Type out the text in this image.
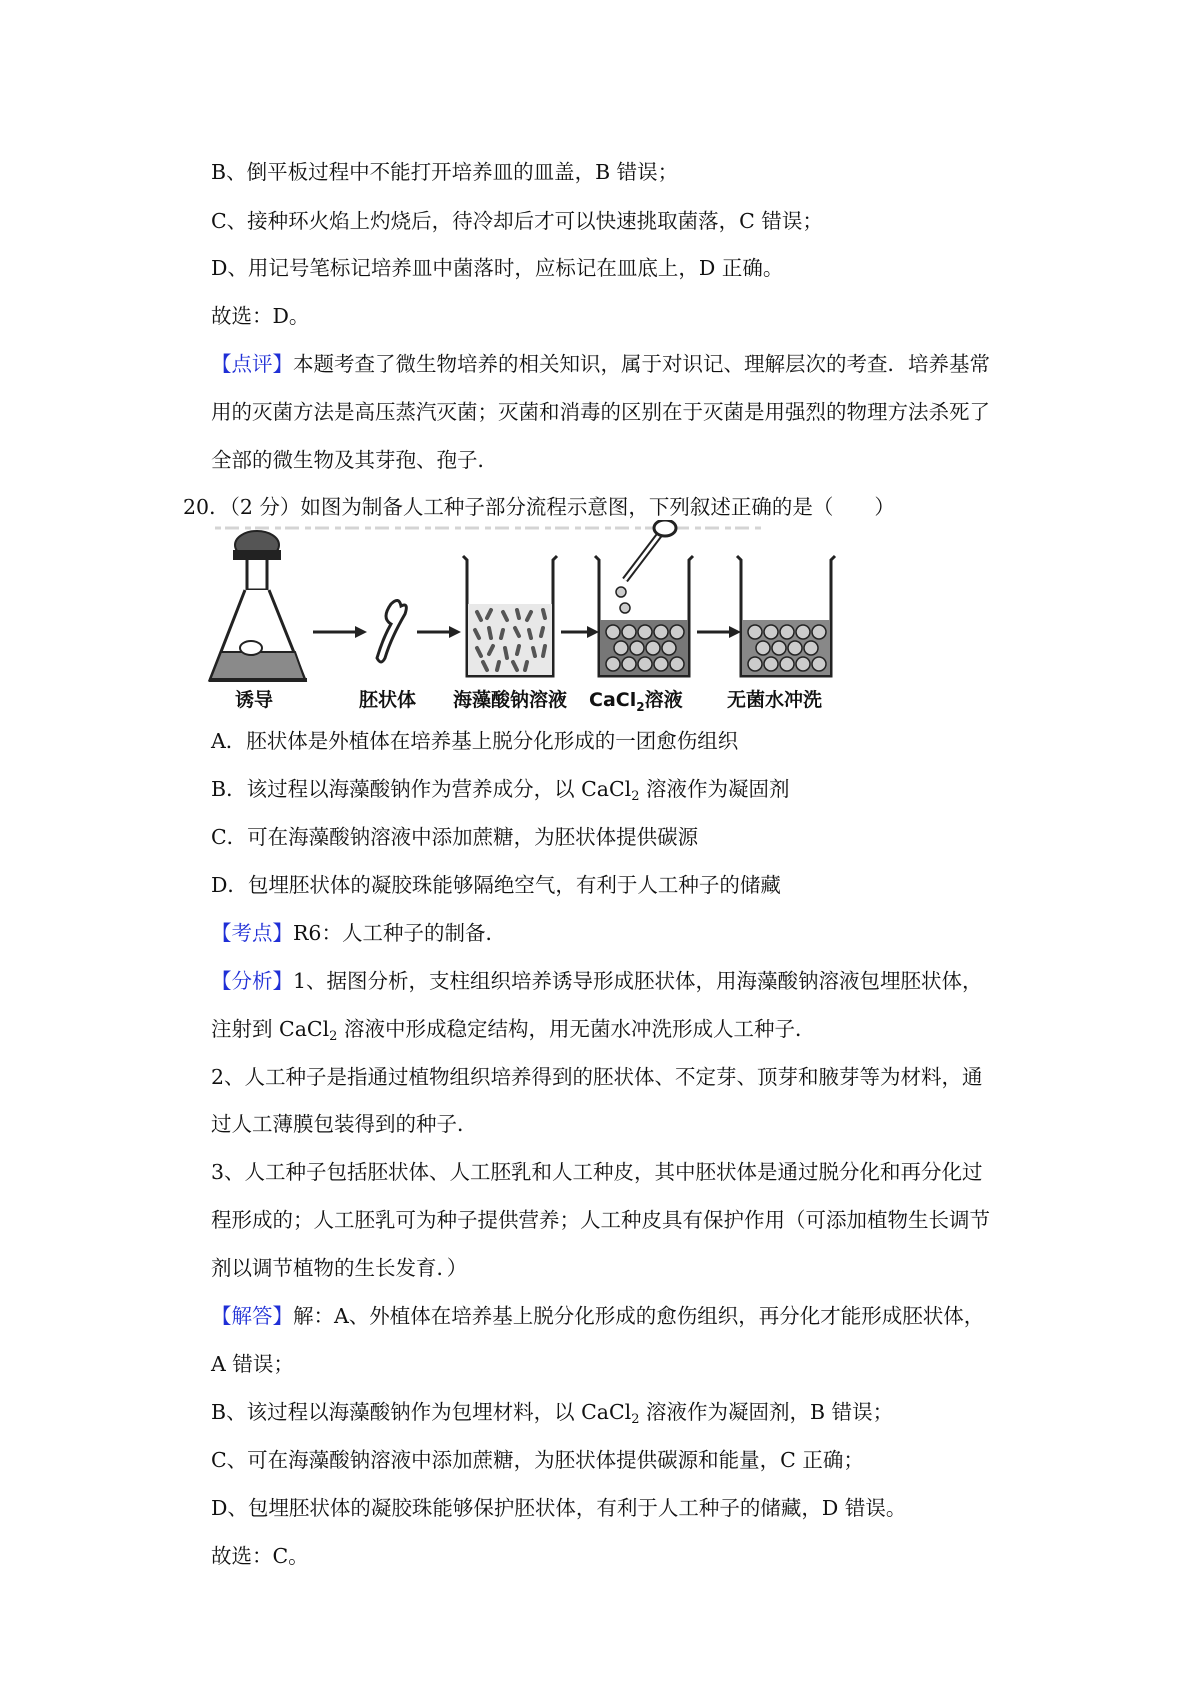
B、倒平板过程中不能打开培养皿的皿盖，B 错误；
C、接种环火焰上灼烧后，待冷却后才可以快速挑取菌落，C 错误；
D、用记号笔标记培养皿中菌落时，应标记在皿底上，D 正确。
故选：D。
【点评】本题考查了微生物培养的相关知识，属于对识记、理解层次的考查．培养基常
用的灭菌方法是高压蒸汽灭菌；灭菌和消毒的区别在于灭菌是用强烈的物理方法杀死了
全部的微生物及其芽孢、孢子．
20．（2 分）如图为制备人工种子部分流程示意图，下列叙述正确的是（　　）
诱导	胚状体 海藻酸钠溶液 CaCl$_2$溶液 无菌水冲洗
A．胚状体是外植体在培养基上脱分化形成的一团愈伤组织
B．该过程以海藻酸钠作为营养成分，以 CaCl$_2$ 溶液作为凝固剂
C．可在海藻酸钠溶液中添加蔗糖，为胚状体提供碳源
D．包埋胚状体的凝胶珠能够隔绝空气，有利于人工种子的储藏
【考点】R6：人工种子的制备．
【分析】1、据图分析，支柱组织培养诱导形成胚状体，用海藻酸钠溶液包埋胚状体，
注射到 CaCl$_2$ 溶液中形成稳定结构，用无菌水冲洗形成人工种子．
2、人工种子是指通过植物组织培养得到的胚状体、不定芽、顶芽和腋芽等为材料，通
过人工薄膜包装得到的种子．
3、人工种子包括胚状体、人工胚乳和人工种皮，其中胚状体是通过脱分化和再分化过
程形成的；人工胚乳可为种子提供营养；人工种皮具有保护作用（可添加植物生长调节
剂以调节植物的生长发育．）
【解答】解：A、外植体在培养基上脱分化形成的愈伤组织，再分化才能形成胚状体，
A 错误；
B、该过程以海藻酸钠作为包埋材料，以 CaCl$_2$ 溶液作为凝固剂，B 错误；
C、可在海藻酸钠溶液中添加蔗糖，为胚状体提供碳源和能量，C 正确；
D、包埋胚状体的凝胶珠能够保护胚状体，有利于人工种子的储藏，D 错误。
故选：C。
